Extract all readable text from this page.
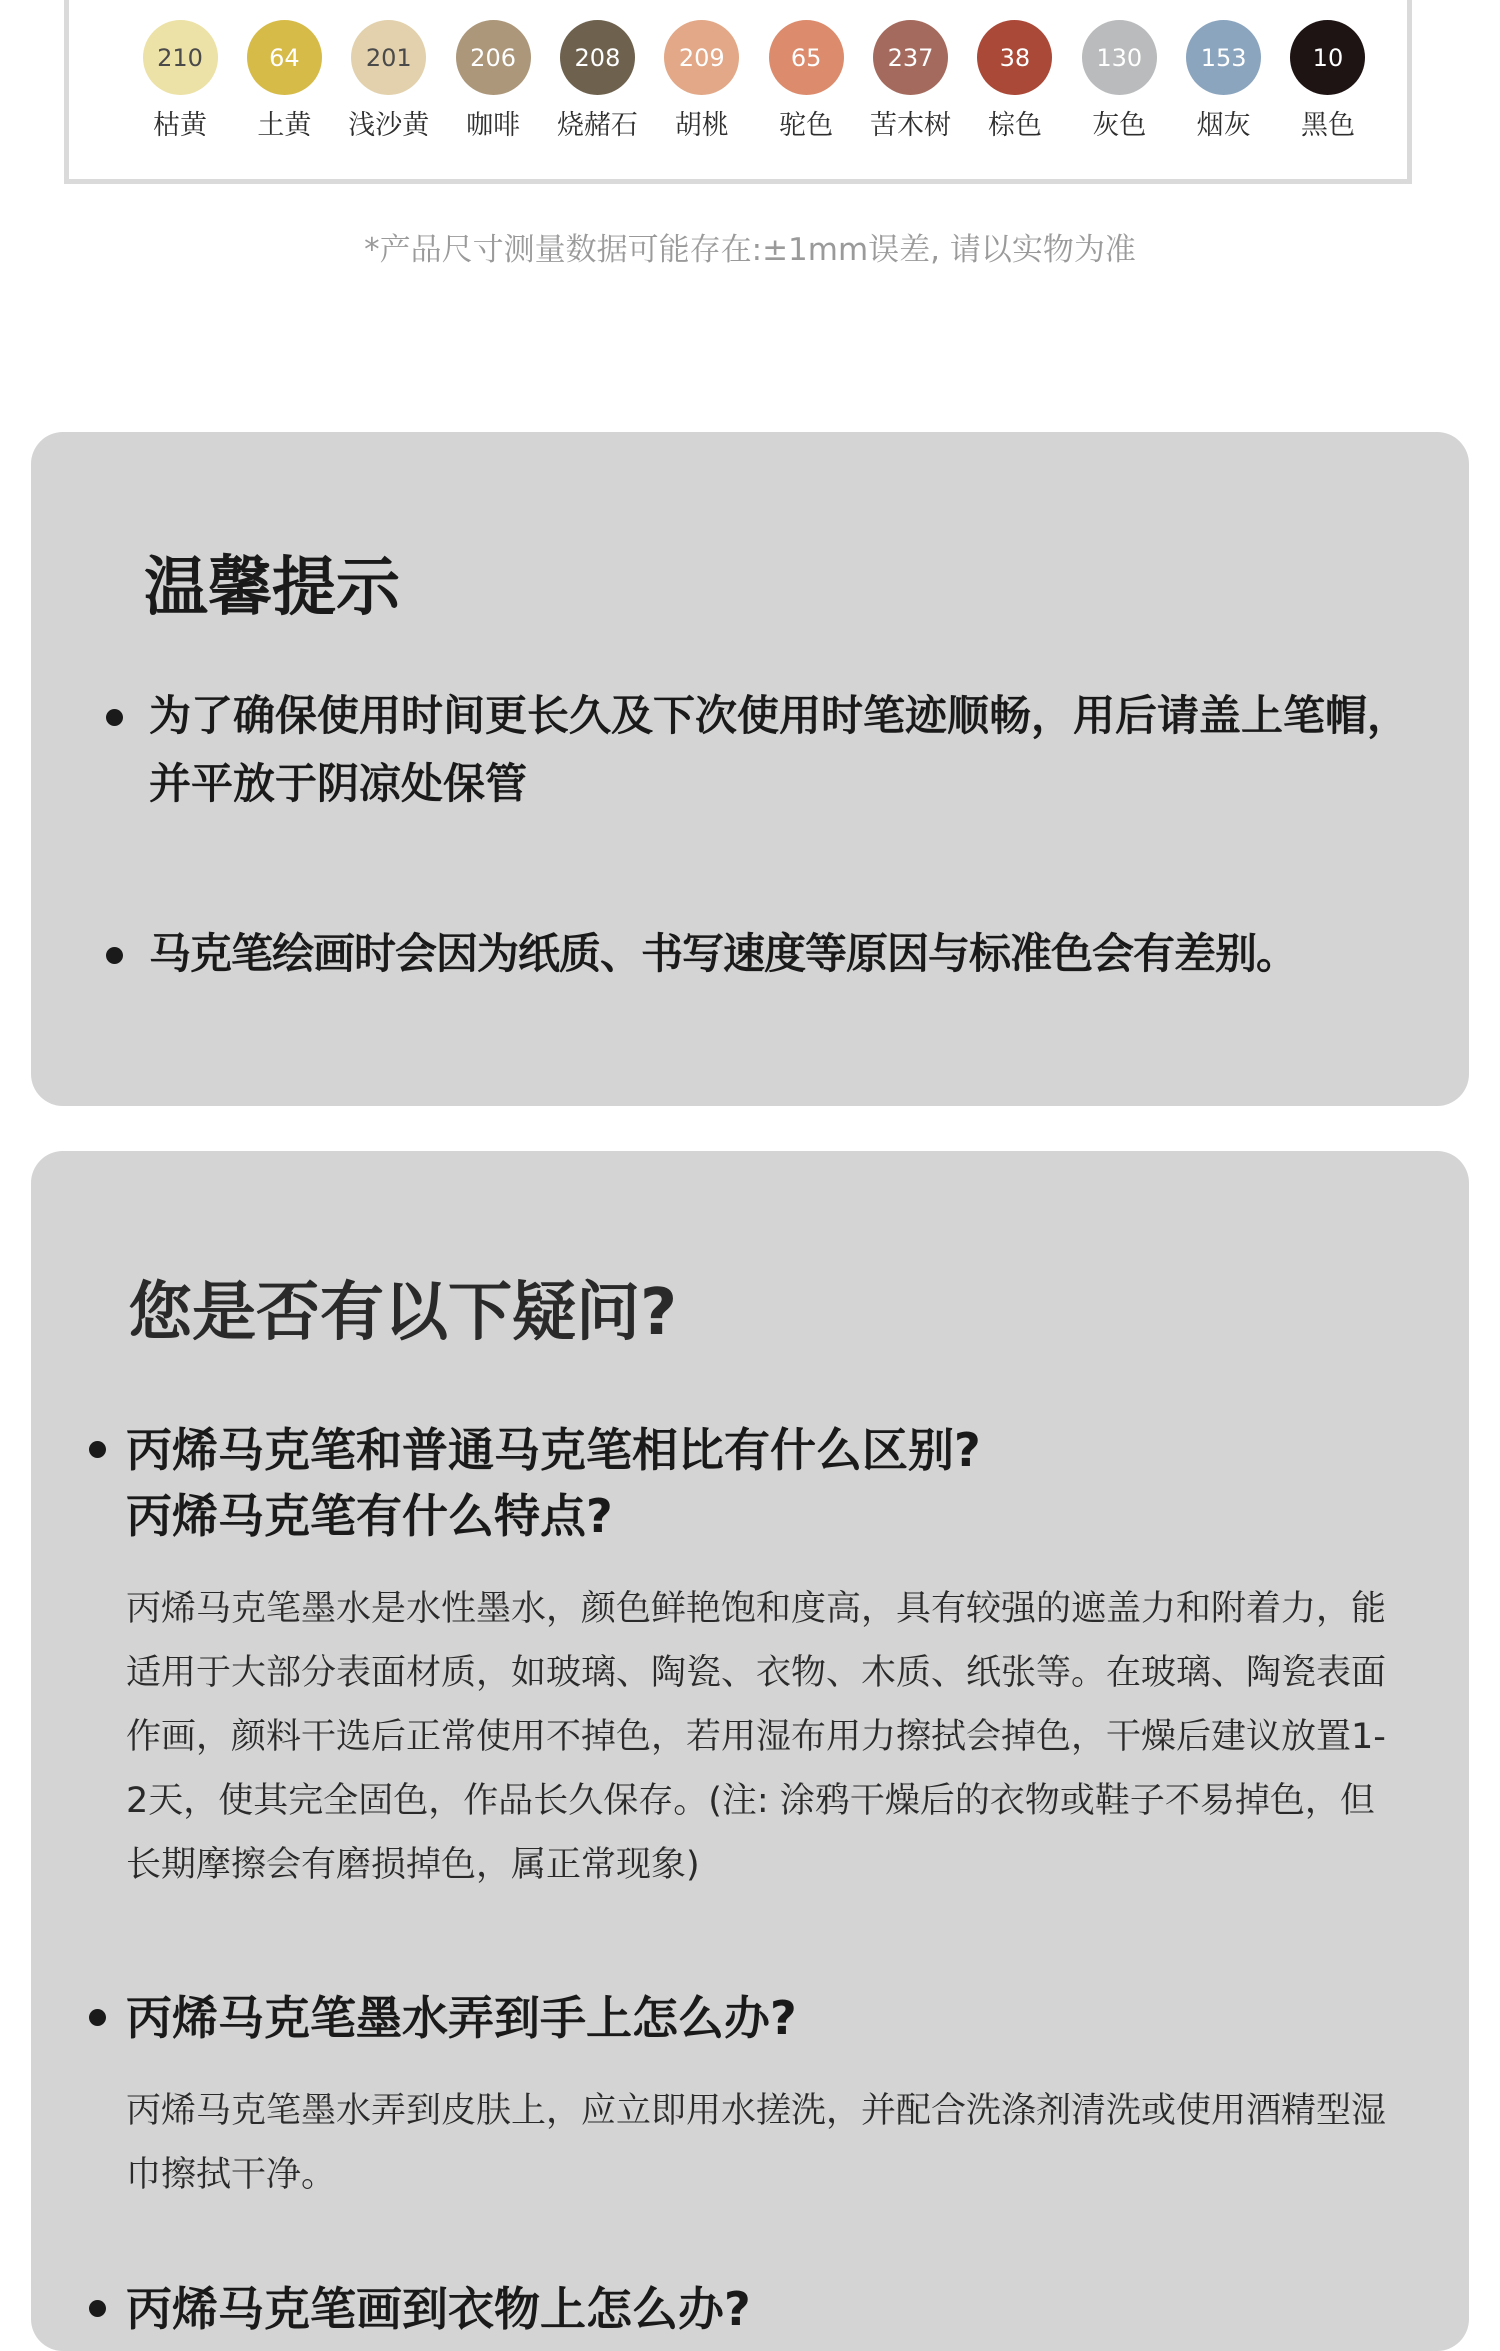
210
枯黄
64
土黄
201
浅沙黄
206
咖啡
208
烧赭石
209
胡桃
65
驼色
237
苦木树
38
棕色
130
灰色
153
烟灰
10
黑色
*产品尺寸测量数据可能存在:±1mm误差, 请以实物为准
温馨提示
为了确保使用时间更长久及下次使用时笔迹顺畅，用后请盖上笔帽，并平放于阴凉处保管
马克笔绘画时会因为纸质、书写速度等原因与标准色会有差别。
您是否有以下疑问?
丙烯马克笔和普通马克笔相比有什么区别?
丙烯马克笔有什么特点?
丙烯马克笔墨水是水性墨水，颜色鲜艳饱和度高，具有较强的遮盖力和附着力，能适用于大部分表面材质，如玻璃、陶瓷、衣物、木质、纸张等。在玻璃、陶瓷表面作画，颜料干选后正常使用不掉色，若用湿布用力擦拭会掉色，干燥后建议放置1-2天，使其完全固色，作品长久保存。(注: 涂鸦干燥后的衣物或鞋子不易掉色，但长期摩擦会有磨损掉色，属正常现象)
丙烯马克笔墨水弄到手上怎么办?
丙烯马克笔墨水弄到皮肤上，应立即用水搓洗，并配合洗涤剂清洗或使用酒精型湿巾擦拭干净。
丙烯马克笔画到衣物上怎么办?
